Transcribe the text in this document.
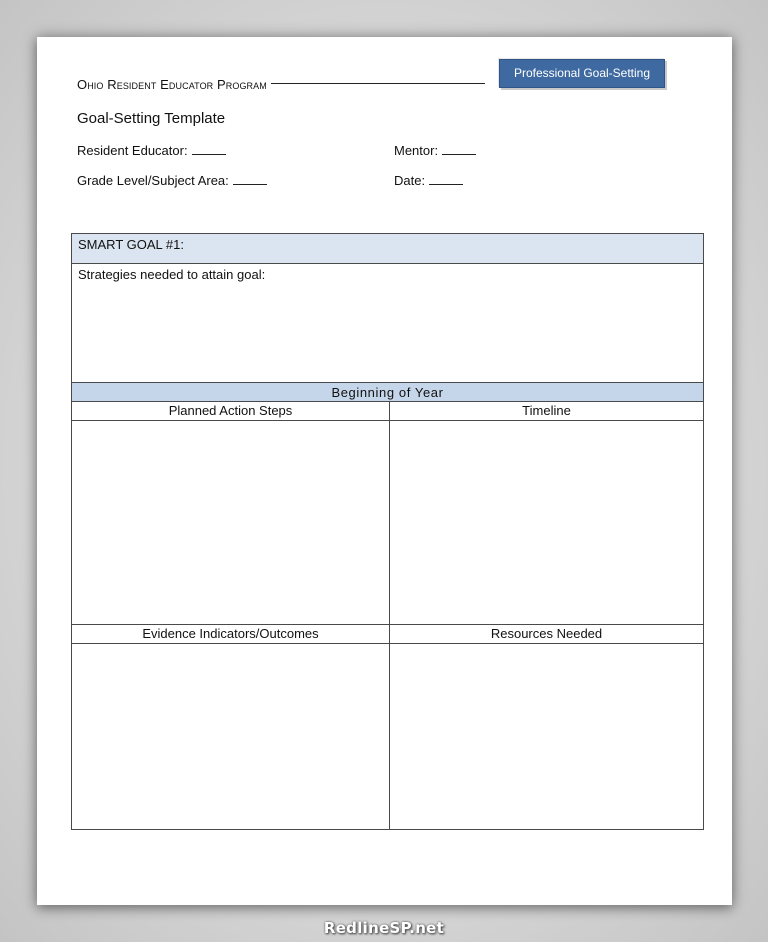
Ohio Resident Educator Program
Professional Goal-Setting
Goal-Setting Template
Resident Educator:	Mentor:
Grade Level/Subject Area:	Date:
SMART GOAL #1:
Strategies needed to attain goal:
Beginning of Year
Planned Action Steps	Timeline
Evidence Indicators/Outcomes	Resources Needed
RedlineSP.net
